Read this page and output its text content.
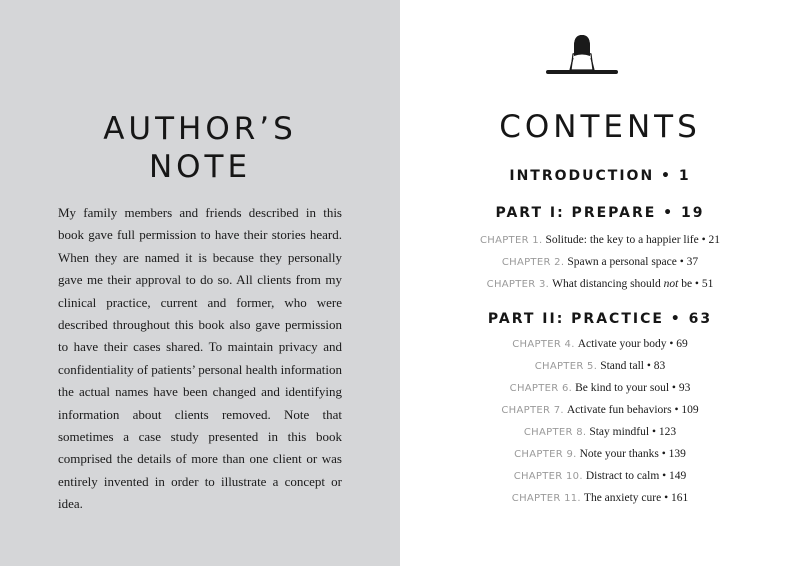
AUTHOR’S
NOTE

My family members and friends described in this book gave full permission to have their stories heard. When they are named it is because they personally gave me their approval to do so. All clients from my clinical practice, current and former, who were described throughout this book also gave permission to have their cases shared. To maintain privacy and confidentiality of patients’ personal health information the actual names have been changed and identifying information about clients removed. Note that sometimes a case study presented in this book comprised the details of more than one client or was entirely invented in order to illustrate a concept or idea.

CONTENTS
INTRODUCTION • 1
PART I: PREPARE • 19
CHAPTER 1. Solitude: the key to a happier life • 21
CHAPTER 2. Spawn a personal space • 37
CHAPTER 3. What distancing should not be • 51
PART II: PRACTICE • 63
CHAPTER 4. Activate your body • 69
CHAPTER 5. Stand tall • 83
CHAPTER 6. Be kind to your soul • 93
CHAPTER 7. Activate fun behaviors • 109
CHAPTER 8. Stay mindful • 123
CHAPTER 9. Note your thanks • 139
CHAPTER 10. Distract to calm • 149
CHAPTER 11. The anxiety cure • 161
